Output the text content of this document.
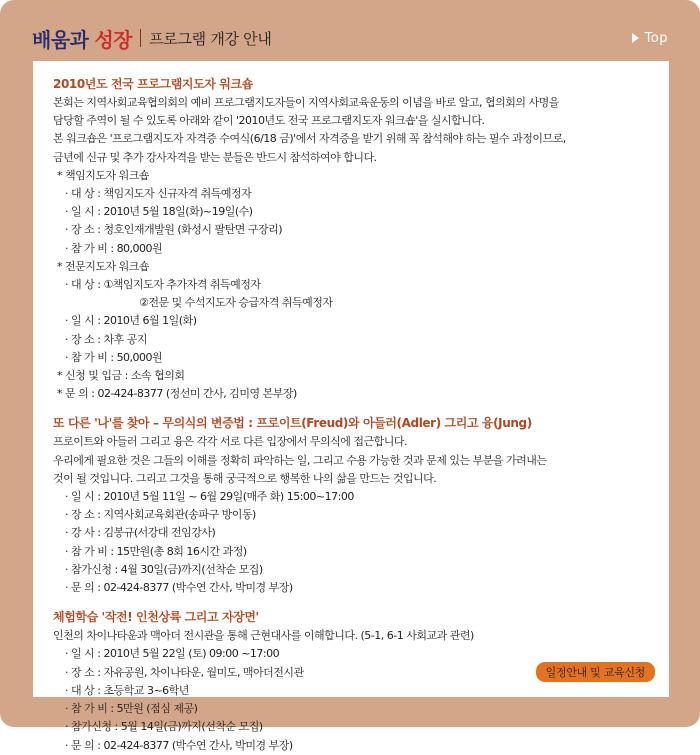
배움과 성장 프로그램 개강 안내	Top
2010년도 전국 프로그램지도자 워크숍
본회는 지역사회교육협의회의 예비 프로그램지도자들이 지역사회교육운동의 이념을 바로 알고, 협의회의 사명을
담당할 주역이 될 수 있도록 아래와 같이 '2010년도 전국 프로그램지도자 워크숍'을 실시합니다.
본 워크숍은 '프로그램지도자 자격증 수여식(6/18 금)'에서 자격증을 받기 위해 꼭 참석해야 하는 필수 과정이므로,
금년에 신규 및 추가 강사자격을 받는 분들은 반드시 참석하여야 합니다.
* 책임지도자 워크숍
· 대 상 : 책임지도자 신규자격 취득예정자
· 일 시 : 2010년 5월 18일(화)~19일(수)
· 장 소 : 청호인재개발원 (화성시 팔탄면 구장리)
· 참 가 비 : 80,000원
* 전문지도자 워크숍
· 대 상 : ①책임지도자 추가자격 취득예정자
②전문 및 수석지도자 승급자격 취득예정자
· 일 시 : 2010년 6월 1일(화)
· 장 소 : 차후 공지
· 참 가 비 : 50,000원
* 신청 및 입금 : 소속 협의회
* 문 의 : 02-424-8377 (정선미 간사, 김미영 본부장)
또 다른 '나'를 찾아 – 무의식의 변증법 : 프로이트(Freud)와 아들러(Adler) 그리고 융(Jung)
프로이트와 아들러 그리고 융은 각각 서로 다른 입장에서 무의식에 접근합니다.
우리에게 필요한 것은 그들의 이해를 정확히 파악하는 일, 그리고 수용 가능한 것과 문제 있는 부분을 가려내는
것이 될 것입니다. 그리고 그것을 통해 궁극적으로 행복한 나의 삶을 만드는 것입니다.
· 일 시 : 2010년 5월 11일 ~ 6월 29일(매주 화) 15:00~17:00
· 장 소 : 지역사회교육회관(송파구 방이동)
· 강 사 : 김봉규(서강대 전임강사)
· 참 가 비 : 15만원(총 8회 16시간 과정)
· 참가신청 : 4월 30일(금)까지(선착순 모집)
· 문 의 : 02-424-8377 (박수연 간사, 박미경 부장)
체험학습 '작전! 인천상륙 그리고 자장면'
인천의 차이나타운과 맥아더 전시관을 통해 근현대사를 이해합니다. (5-1, 6-1 사회교과 관련)
· 일 시 : 2010년 5월 22일 (토) 09:00 ~17:00
· 장 소 : 자유공원, 차이나타운, 월미도, 맥아더전시관
· 대 상 : 초등학교 3~6학년
· 참 가 비 : 5만원 (점심 제공)
· 참가신청 : 5월 14일(금)까지(선착순 모집)
· 문 의 : 02-424-8377 (박수연 간사, 박미경 부장)
일정안내 및 교육신청
